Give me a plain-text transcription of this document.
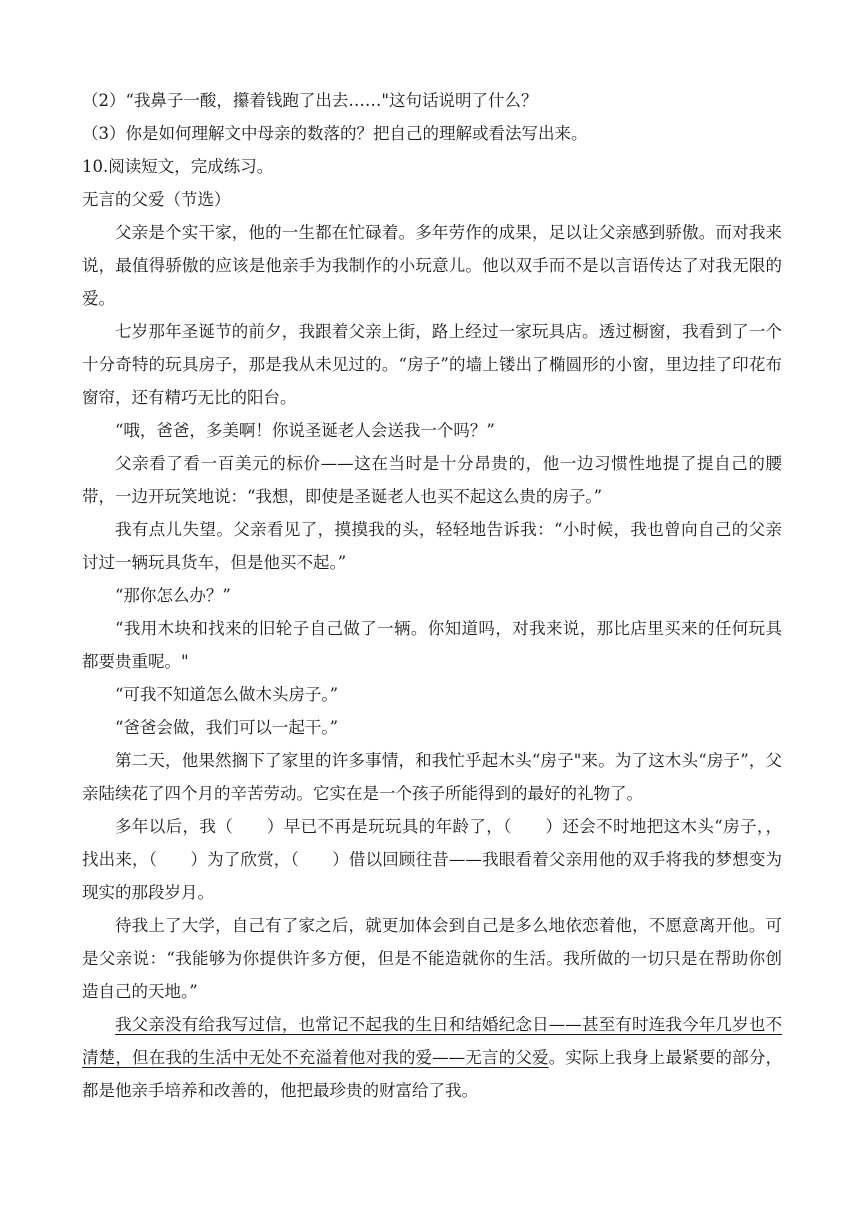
（2）“我鼻子一酸，攥着钱跑了出去……"这句话说明了什么？

（3）你是如何理解文中母亲的数落的？把自己的理解或看法写出来。

10.阅读短文，完成练习。

无言的父爱（节选）

父亲是个实干家，他的一生都在忙碌着。多年劳作的成果，足以让父亲感到骄傲。而对我来说，最值得骄傲的应该是他亲手为我制作的小玩意儿。他以双手而不是以言语传达了对我无限的爱。

七岁那年圣诞节的前夕，我跟着父亲上街，路上经过一家玩具店。透过橱窗，我看到了一个十分奇特的玩具房子，那是我从未见过的。“房子”的墙上镂出了椭圆形的小窗，里边挂了印花布窗帘，还有精巧无比的阳台。

“哦，爸爸，多美啊！你说圣诞老人会送我一个吗？”

父亲看了看一百美元的标价——这在当时是十分昂贵的，他一边习惯性地提了提自己的腰带，一边开玩笑地说：“我想，即使是圣诞老人也买不起这么贵的房子。”

我有点儿失望。父亲看见了，摸摸我的头，轻轻地告诉我：“小时候，我也曾向自己的父亲讨过一辆玩具货车，但是他买不起。”

“那你怎么办？”

“我用木块和找来的旧轮子自己做了一辆。你知道吗，对我来说，那比店里买来的任何玩具都要贵重呢。"

“可我不知道怎么做木头房子。”

“爸爸会做，我们可以一起干。”

第二天，他果然搁下了家里的许多事情，和我忙乎起木头“房子"来。为了这木头“房子”，父亲陆续花了四个月的辛苦劳动。它实在是一个孩子所能得到的最好的礼物了。

多年以后，我（　　）早已不再是玩玩具的年龄了，（　　）还会不时地把这木头“房子，，找出来，（　　）为了欣赏，（　　）借以回顾往昔——我眼看着父亲用他的双手将我的梦想变为现实的那段岁月。

待我上了大学，自己有了家之后，就更加体会到自己是多么地依恋着他，不愿意离开他。可是父亲说：“我能够为你提供许多方便，但是不能造就你的生活。我所做的一切只是在帮助你创造自己的天地。”

我父亲没有给我写过信，也常记不起我的生日和结婚纪念日——甚至有时连我今年几岁也不清楚，但在我的生活中无处不充溢着他对我的爱——无言的父爱。实际上我身上最紧要的部分，都是他亲手培养和改善的，他把最珍贵的财富给了我。
